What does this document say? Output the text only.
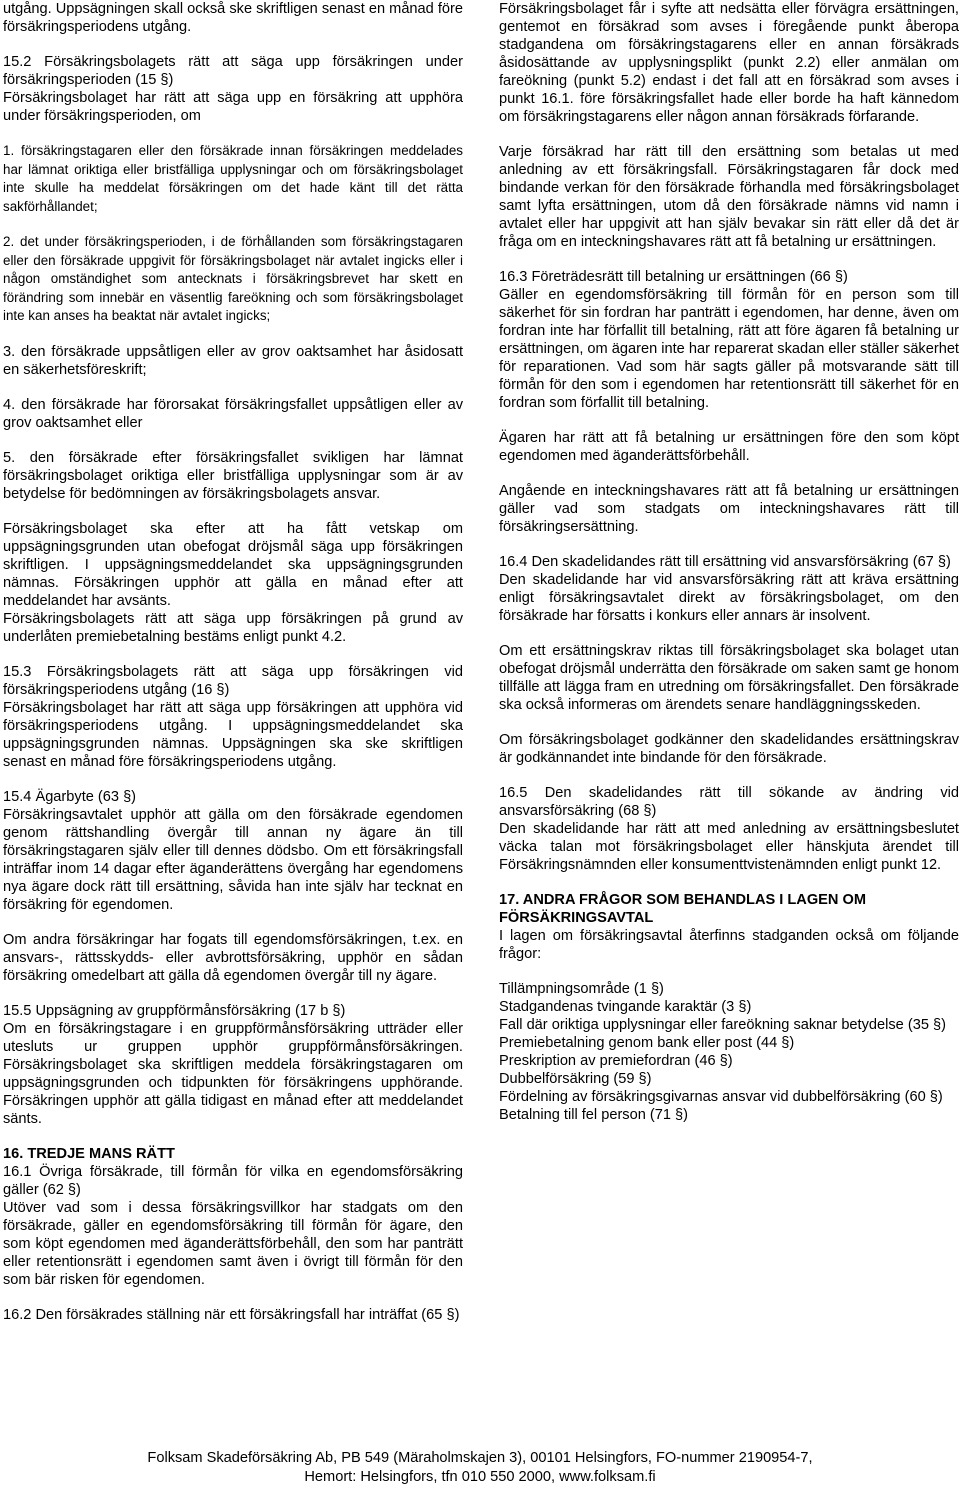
utgång. Uppsägningen skall också ske skriftligen senast en månad före försäkringsperiodens utgång.

15.2 Försäkringsbolagets rätt att säga upp försäkringen under försäkringsperioden (15 §)

Försäkringsbolaget har rätt att säga upp en försäkring att upphöra under försäkringsperioden, om

1. försäkringstagaren eller den försäkrade innan försäkringen meddelades har lämnat oriktiga eller bristfälliga upplysningar och om försäkringsbolaget inte skulle ha meddelat försäkringen om det hade känt till det rätta sakförhållandet;

2. det under försäkringsperioden, i de förhållanden som försäkringstagaren eller den försäkrade uppgivit för försäkringsbolaget när avtalet ingicks eller i någon omständighet som antecknats i försäkringsbrevet har skett en förändring som innebär en väsentlig fareökning och som försäkringsbolaget inte kan anses ha beaktat när avtalet ingicks;

3. den försäkrade uppsåtligen eller av grov oaktsamhet har åsidosatt en säkerhetsföreskrift;

4. den försäkrade har förorsakat försäkringsfallet uppsåtligen eller av grov oaktsamhet eller

5. den försäkrade efter försäkringsfallet svikligen har lämnat försäkringsbolaget oriktiga eller bristfälliga upplysningar som är av betydelse för bedömningen av försäkringsbolagets ansvar.

Försäkringsbolaget ska efter att ha fått vetskap om uppsägningsgrunden utan obefogat dröjsmål säga upp försäkringen skriftligen. I uppsägningsmeddelandet ska uppsägningsgrunden nämnas. Försäkringen upphör att gälla en månad efter att meddelandet har avsänts.

Försäkringsbolagets rätt att säga upp försäkringen på grund av underlåten premiebetalning bestäms enligt punkt 4.2.

15.3 Försäkringsbolagets rätt att säga upp försäkringen vid försäkringsperiodens utgång (16 §)

Försäkringsbolaget har rätt att säga upp försäkringen att upphöra vid försäkringsperiodens utgång. I uppsägningsmeddelandet ska uppsägningsgrunden nämnas. Uppsägningen ska ske skriftligen senast en månad före försäkringsperiodens utgång.

15.4 Ägarbyte (63 §)

Försäkringsavtalet upphör att gälla om den försäkrade egendomen genom rättshandling övergår till annan ny ägare än till försäkringstagaren själv eller till dennes dödsbo. Om ett försäkringsfall inträffar inom 14 dagar efter äganderättens övergång har egendomens nya ägare dock rätt till ersättning, såvida han inte själv har tecknat en försäkring för egendomen.

Om andra försäkringar har fogats till egendomsförsäkringen, t.ex. en ansvars-, rättsskydds- eller avbrottsförsäkring, upphör en sådan försäkring omedelbart att gälla då egendomen övergår till ny ägare.

15.5 Uppsägning av gruppförmånsförsäkring (17 b §)

Om en försäkringstagare i en gruppförmånsförsäkring utträder eller utesluts ur gruppen upphör gruppförmånsförsäkringen. Försäkringsbolaget ska skriftligen meddela försäkringstagaren om uppsägningsgrunden och tidpunkten för försäkringens upphörande. Försäkringen upphör att gälla tidigast en månad efter att meddelandet sänts.

16. TREDJE MANS RÄTT

16.1 Övriga försäkrade, till förmån för vilka en egendomsförsäkring gäller (62 §)

Utöver vad som i dessa försäkringsvillkor har stadgats om den försäkrade, gäller en egendomsförsäkring till förmån för ägare, den som köpt egendomen med äganderättsförbehåll, den som har panträtt eller retentionsrätt i egendomen samt även i övrigt till förmån för den som bär risken för egendomen.

16.2 Den försäkrades ställning när ett försäkringsfall har inträffat (65 §)

Försäkringsbolaget får i syfte att nedsätta eller förvägra ersättningen, gentemot en försäkrad som avses i föregående punkt åberopa stadgandena om försäkringstagarens eller en annan försäkrads åsidosättande av upplysningsplikt (punkt 2.2) eller anmälan om fareökning (punkt 5.2) endast i det fall att en försäkrad som avses i punkt 16.1. före försäkringsfallet hade eller borde ha haft kännedom om försäkringstagarens eller någon annan försäkrads förfarande.

Varje försäkrad har rätt till den ersättning som betalas ut med anledning av ett försäkringsfall. Försäkringstagaren får dock med bindande verkan för den försäkrade förhandla med försäkringsbolaget samt lyfta ersättningen, utom då den försäkrade nämns vid namn i avtalet eller har uppgivit att han själv bevakar sin rätt eller då det är fråga om en inteckningshavares rätt att få betalning ur ersättningen.

16.3 Företrädesrätt till betalning ur ersättningen (66 §)

Gäller en egendomsförsäkring till förmån för en person som till säkerhet för sin fordran har panträtt i egendomen, har denne, även om fordran inte har förfallit till betalning, rätt att före ägaren få betalning ur ersättningen, om ägaren inte har reparerat skadan eller ställer säkerhet för reparationen. Vad som här sagts gäller på motsvarande sätt till förmån för den som i egendomen har retentionsrätt till säkerhet för en fordran som förfallit till betalning.

Ägaren har rätt att få betalning ur ersättningen före den som köpt egendomen med äganderättsförbehåll.

Angående en inteckningshavares rätt att få betalning ur ersättningen gäller vad som stadgats om inteckningshavares rätt till försäkringsersättning.

16.4 Den skadelidandes rätt till ersättning vid ansvarsförsäkring (67 §)

Den skadelidande har vid ansvarsförsäkring rätt att kräva ersättning enligt försäkringsavtalet direkt av försäkringsbolaget, om den försäkrade har försatts i konkurs eller annars är insolvent.

Om ett ersättningskrav riktas till försäkringsbolaget ska bolaget utan obefogat dröjsmål underrätta den försäkrade om saken samt ge honom tillfälle att lägga fram en utredning om försäkringsfallet. Den försäkrade ska också informeras om ärendets senare handläggningsskeden.

Om försäkringsbolaget godkänner den skadelidandes ersättningskrav är godkännandet inte bindande för den försäkrade.

16.5 Den skadelidandes rätt till sökande av ändring vid ansvarsförsäkring (68 §)

Den skadelidande har rätt att med anledning av ersättningsbeslutet väcka talan mot försäkringsbolaget eller hänskjuta ärendet till Försäkringsnämnden eller konsumenttvistenämnden enligt punkt 12.

17. ANDRA FRÅGOR SOM BEHANDLAS I LAGEN OM FÖRSÄKRINGSAVTAL

I lagen om försäkringsavtal återfinns stadganden också om följande frågor:

Tillämpningsområde (1 §)
Stadgandenas tvingande karaktär (3 §)
Fall där oriktiga upplysningar eller fareökning saknar betydelse (35 §)
Premiebetalning genom bank eller post (44 §)
Preskription av premiefordran (46 §)
Dubbelförsäkring (59 §)
Fördelning av försäkringsgivarnas ansvar vid dubbelförsäkring (60 §)
Betalning till fel person (71 §)
Folksam Skadeförsäkring Ab, PB 549 (Märaholmskajen 3), 00101 Helsingfors, FO-nummer 2190954-7,
Hemort: Helsingfors, tfn 010 550 2000, www.folksam.fi
